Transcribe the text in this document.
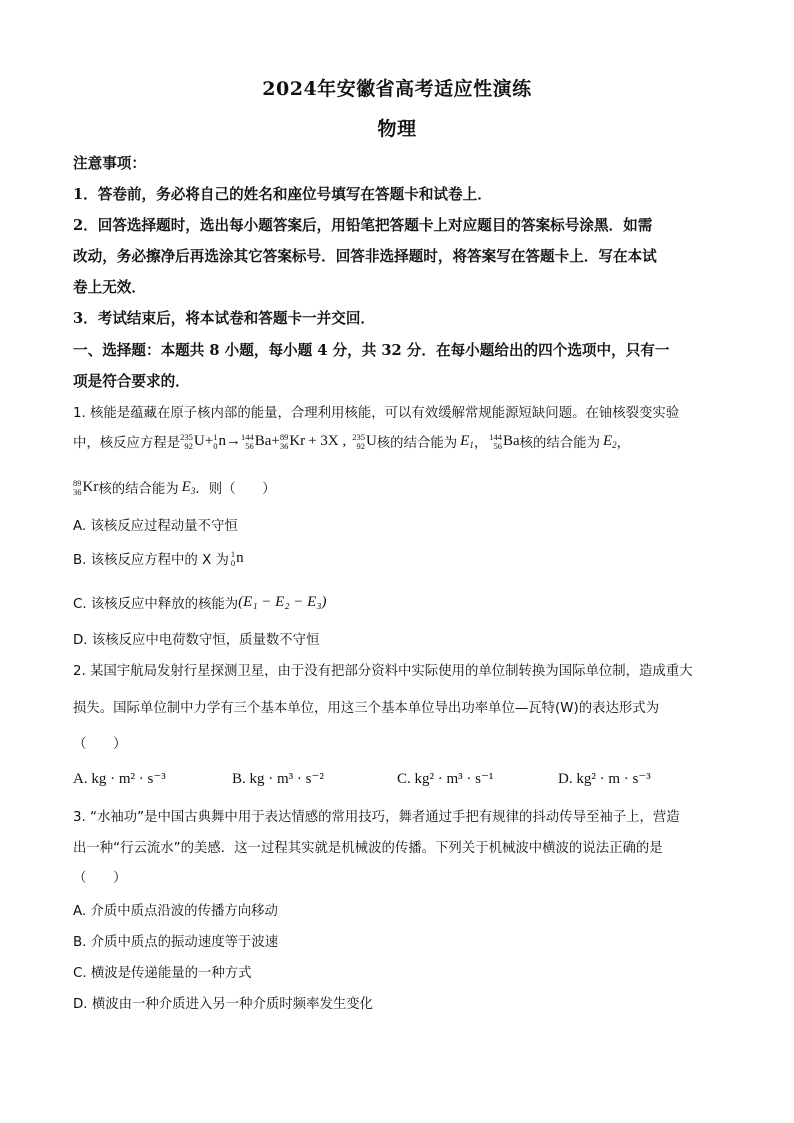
2024年安徽省高考适应性演练
物理
注意事项：
1．答卷前，务必将自己的姓名和座位号填写在答题卡和试卷上．
2．回答选择题时，选出每小题答案后，用铅笔把答题卡上对应题目的答案标号涂黑．如需
改动，务必擦净后再选涂其它答案标号．回答非选择题时，将答案写在答题卡上．写在本试
卷上无效．
3．考试结束后，将本试卷和答题卡一并交回．
一、选择题：本题共 8 小题，每小题 4 分，共 32 分．在每小题给出的四个选项中，只有一
项是符合要求的．
1. 核能是蕴藏在原子核内部的能量，合理利用核能，可以有效缓解常规能源短缺问题。在铀核裂变实验
中，核反应方程是 235
92 U + 1
0 n → 144
56 Ba + 89
36 Kr + 3X , 235
92 U 核的结合能为 $E_1$ ， 144
56 Ba 核的结合能为 $E_2$ ，
89
36 Kr 核的结合能为 $E_3$ ．则（　　）
A. 该核反应过程动量不守恒
B. 该核反应方程中的 X 为 1
0 n
C. 该核反应中释放的核能为 (E₁ − E₂ − E₃)
D. 该核反应中电荷数守恒，质量数不守恒
2. 某国宇航局发射行星探测卫星，由于没有把部分资料中实际使用的单位制转换为国际单位制，造成重大
损失。国际单位制中力学有三个基本单位，用这三个基本单位导出功率单位—瓦特(W)的表达形式为
（　　）
A. kg · m² · s⁻³	B. kg · m³ · s⁻²	C. kg² · m³ · s⁻¹	D. kg² · m · s⁻³
3. “水袖功”是中国古典舞中用于表达情感的常用技巧，舞者通过手把有规律的抖动传导至袖子上，营造
出一种“行云流水”的美感．这一过程其实就是机械波的传播。下列关于机械波中横波的说法正确的是
（　　）
A. 介质中质点沿波的传播方向移动
B. 介质中质点的振动速度等于波速
C. 横波是传递能量的一种方式
D. 横波由一种介质进入另一种介质时频率发生变化
